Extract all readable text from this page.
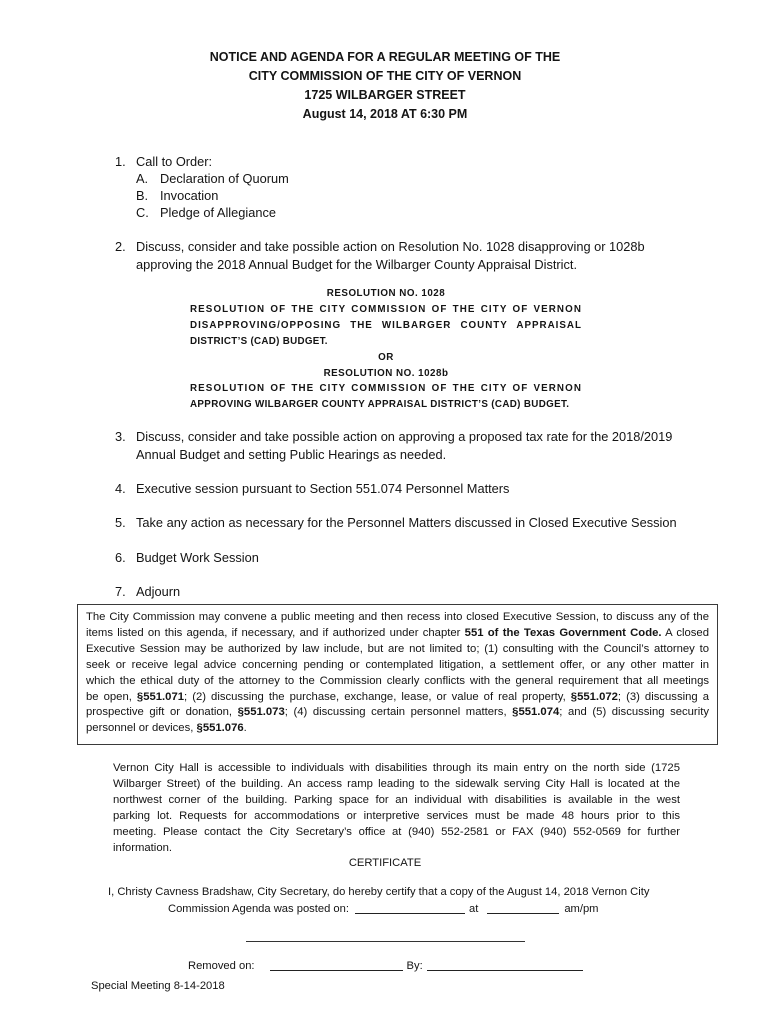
NOTICE AND AGENDA FOR A REGULAR MEETING OF THE
CITY COMMISSION OF THE CITY OF VERNON
1725 WILBARGER STREET
August 14, 2018 AT 6:30 PM
1. Call to Order:
A. Declaration of Quorum
B. Invocation
C. Pledge of Allegiance
2. Discuss, consider and take possible action on Resolution No. 1028 disapproving or 1028b
approving the 2018 Annual Budget for the Wilbarger County Appraisal District.
RESOLUTION NO. 1028
RESOLUTION OF THE CITY COMMISSION OF THE CITY OF VERNON
DISAPPROVING/OPPOSING THE WILBARGER COUNTY APPRAISAL
DISTRICT’S (CAD) BUDGET.
OR
RESOLUTION NO. 1028b
RESOLUTION OF THE CITY COMMISSION OF THE CITY OF VERNON
APPROVING WILBARGER COUNTY APPRAISAL DISTRICT’S (CAD) BUDGET.
3. Discuss, consider and take possible action on approving a proposed tax rate for the 2018/2019
Annual Budget and setting Public Hearings as needed.
4. Executive session pursuant to Section 551.074 Personnel Matters
5. Take any action as necessary for the Personnel Matters discussed in Closed Executive Session
6. Budget Work Session
7. Adjourn
The City Commission may convene a public meeting and then recess into closed Executive Session, to discuss any of the
items listed on this agenda, if necessary, and if authorized under chapter 551 of the Texas Government Code. A closed
Executive Session may be authorized by law include, but are not limited to; (1) consulting with the Council’s attorney to
seek or receive legal advice concerning pending or contemplated litigation, a settlement offer, or any other matter in
which the ethical duty of the attorney to the Commission clearly conflicts with the general requirement that all meetings
be open, §551.071; (2) discussing the purchase, exchange, lease, or value of real property, §551.072; (3) discussing a
prospective gift or donation, §551.073; (4) discussing certain personnel matters, §551.074; and (5) discussing security
personnel or devices, §551.076.
Vernon City Hall is accessible to individuals with disabilities through its main entry on the north side (1725
Wilbarger Street) of the building. An access ramp leading to the sidewalk serving City Hall is located at the
northwest corner of the building. Parking space for an individual with disabilities is available in the west
parking lot. Requests for accommodations or interpretive services must be made 48 hours prior to this
meeting. Please contact the City Secretary’s office at (940) 552-2581 or FAX (940) 552-0569 for further
information.
CERTIFICATE
I, Christy Cavness Bradshaw, City Secretary, do hereby certify that a copy of the August 14, 2018 Vernon City
Commission Agenda was posted on:	at	am/pm
Removed on:	By:
Special Meeting 8-14-2018
